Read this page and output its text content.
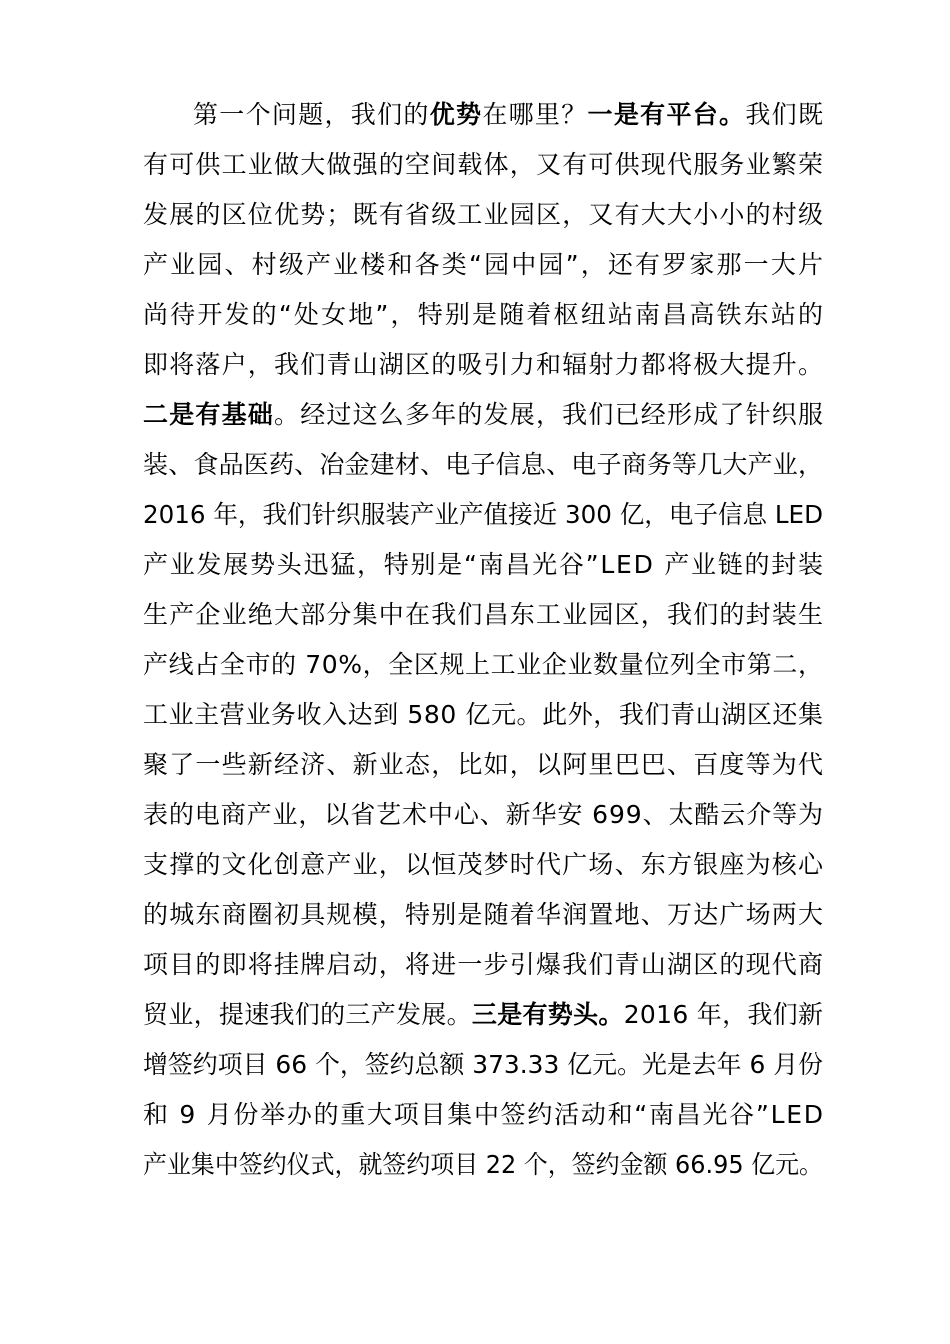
第一个问题，我们的优势在哪里？一是有平台。我们既
有可供工业做大做强的空间载体，又有可供现代服务业繁荣
发展的区位优势；既有省级工业园区，又有大大小小的村级
产业园、村级产业楼和各类“园中园”，还有罗家那一大片
尚待开发的“处女地”，特别是随着枢纽站南昌高铁东站的
即将落户，我们青山湖区的吸引力和辐射力都将极大提升。
二是有基础。经过这么多年的发展，我们已经形成了针织服
装、食品医药、冶金建材、电子信息、电子商务等几大产业，
2016 年，我们针织服装产业产值接近 300 亿，电子信息 LED
产业发展势头迅猛，特别是“南昌光谷”LED 产业链的封装
生产企业绝大部分集中在我们昌东工业园区，我们的封装生
产线占全市的 70%，全区规上工业企业数量位列全市第二，
工业主营业务收入达到 580 亿元。此外，我们青山湖区还集
聚了一些新经济、新业态，比如，以阿里巴巴、百度等为代
表的电商产业，以省艺术中心、新华安 699、太酷云介等为
支撑的文化创意产业，以恒茂梦时代广场、东方银座为核心
的城东商圈初具规模，特别是随着华润置地、万达广场两大
项目的即将挂牌启动，将进一步引爆我们青山湖区的现代商
贸业，提速我们的三产发展。三是有势头。2016 年，我们新
增签约项目 66 个，签约总额 373.33 亿元。光是去年 6 月份
和 9 月份举办的重大项目集中签约活动和“南昌光谷”LED
产业集中签约仪式，就签约项目 22 个，签约金额 66.95 亿元。
